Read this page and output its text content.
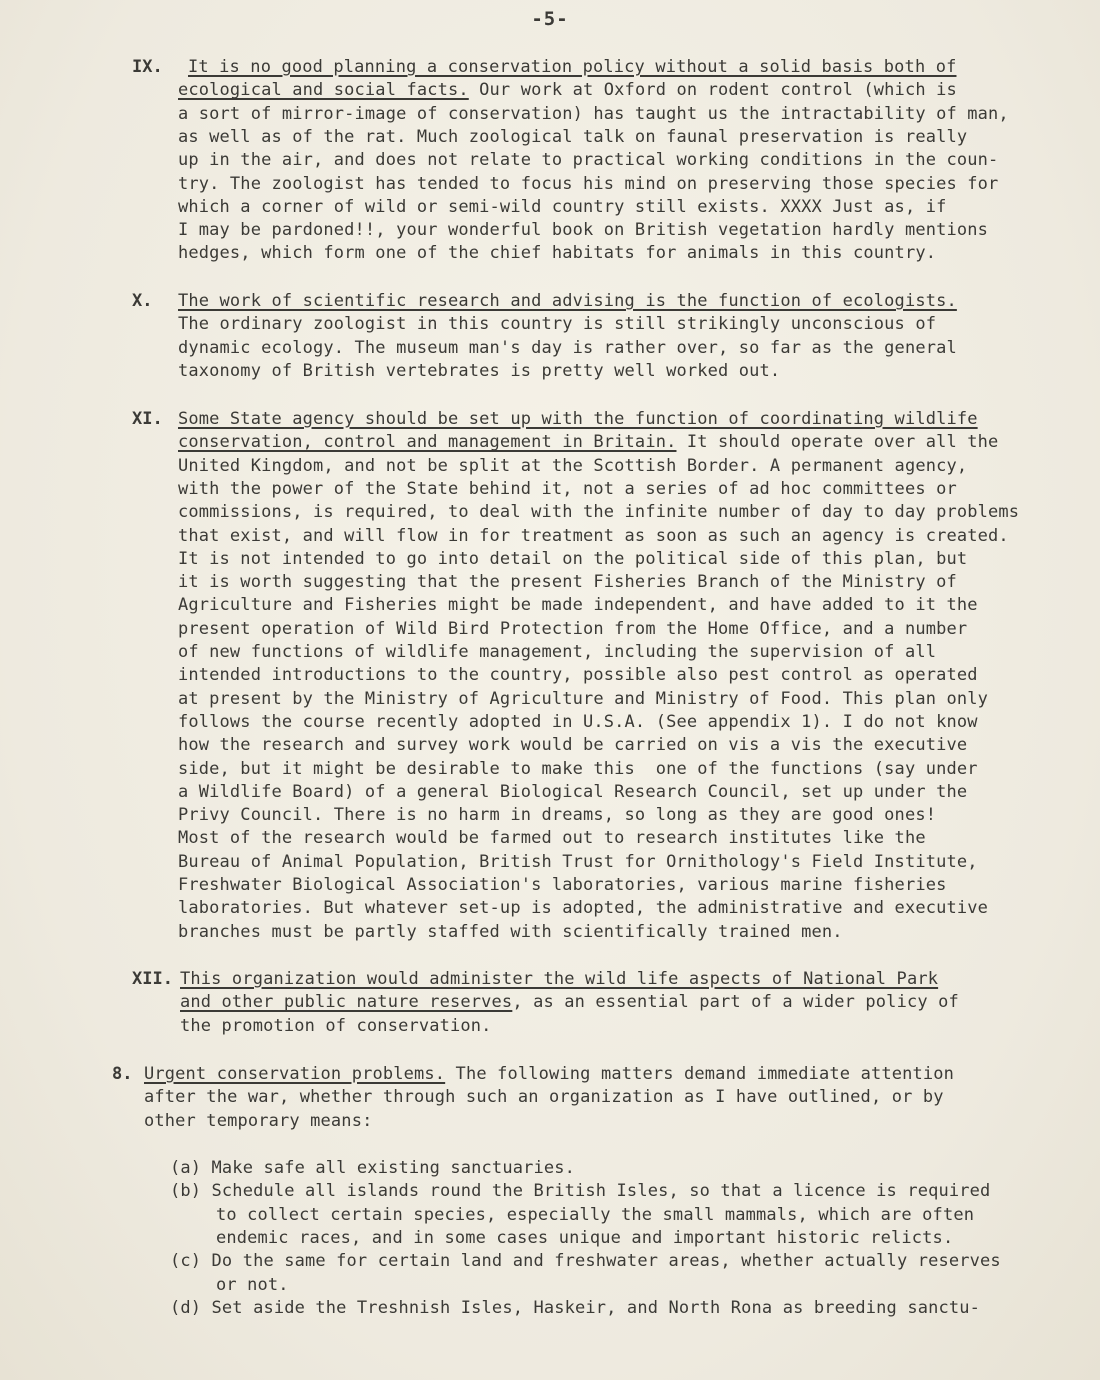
-5-
IX. It is no good planning a conservation policy without a solid basis both of
ecological and social facts. Our work at Oxford on rodent control (which is
a sort of mirror-image of conservation) has taught us the intractability of man,
as well as of the rat. Much zoological talk on faunal preservation is really
up in the air, and does not relate to practical working conditions in the coun-
try. The zoologist has tended to focus his mind on preserving those species for
which a corner of wild or semi-wild country still exists. XXXX Just as, if
I may be pardoned!!, your wonderful book on British vegetation hardly mentions
hedges, which form one of the chief habitats for animals in this country.
X. The work of scientific research and advising is the function of ecologists.
The ordinary zoologist in this country is still strikingly unconscious of
dynamic ecology. The museum man's day is rather over, so far as the general
taxonomy of British vertebrates is pretty well worked out.
XI. Some State agency should be set up with the function of coordinating wildlife
conservation, control and management in Britain. It should operate over all the
United Kingdom, and not be split at the Scottish Border. A permanent agency,
with the power of the State behind it, not a series of ad hoc committees or
commissions, is required, to deal with the infinite number of day to day problems
that exist, and will flow in for treatment as soon as such an agency is created.
It is not intended to go into detail on the political side of this plan, but
it is worth suggesting that the present Fisheries Branch of the Ministry of
Agriculture and Fisheries might be made independent, and have added to it the
present operation of Wild Bird Protection from the Home Office, and a number
of new functions of wildlife management, including the supervision of all
intended introductions to the country, possible also pest control as operated
at present by the Ministry of Agriculture and Ministry of Food. This plan only
follows the course recently adopted in U.S.A. (See appendix 1). I do not know
how the research and survey work would be carried on vis a vis the executive
side, but it might be desirable to make this  one of the functions (say under
a Wildlife Board) of a general Biological Research Council, set up under the
Privy Council. There is no harm in dreams, so long as they are good ones!
Most of the research would be farmed out to research institutes like the
Bureau of Animal Population, British Trust for Ornithology's Field Institute,
Freshwater Biological Association's laboratories, various marine fisheries
laboratories. But whatever set-up is adopted, the administrative and executive
branches must be partly staffed with scientifically trained men.
XII. This organization would administer the wild life aspects of National Park
and other public nature reserves, as an essential part of a wider policy of
the promotion of conservation.
8. Urgent conservation problems. The following matters demand immediate attention
after the war, whether through such an organization as I have outlined, or by
other temporary means:
(a) Make safe all existing sanctuaries.
(b) Schedule all islands round the British Isles, so that a licence is required
to collect certain species, especially the small mammals, which are often
endemic races, and in some cases unique and important historic relicts.
(c) Do the same for certain land and freshwater areas, whether actually reserves
or not.
(d) Set aside the Treshnish Isles, Haskeir, and North Rona as breeding sanctu-
